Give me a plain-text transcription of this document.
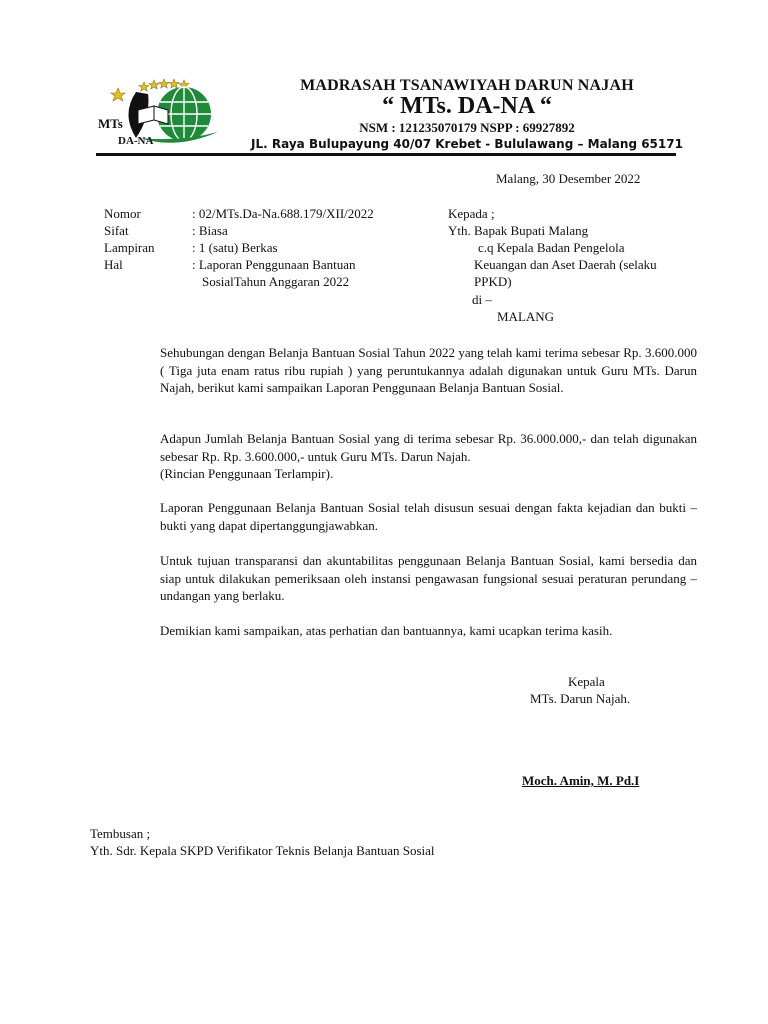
MTs
DA-NA
MADRASAH TSANAWIYAH DARUN NAJAH
“ MTs. DA-NA “
NSM : 121235070179 NSPP : 69927892
JL. Raya Bulupayung 40/07 Krebet - Bululawang – Malang 65171
Malang, 30 Desember 2022
Nomor	: 02/MTs.Da-Na.688.179/XII/2022
Sifat	: Biasa
Lampiran	: 1 (satu) Berkas
Hal	: Laporan Penggunaan Bantuan
SosialTahun Anggaran 2022
Kepada ;
Yth. Bapak Bupati Malang
c.q Kepala Badan Pengelola
Keuangan dan Aset Daerah (selaku
PPKD)
di –
MALANG
Sehubungan dengan Belanja Bantuan Sosial Tahun 2022 yang telah kami terima sebesar Rp. 3.600.000 ( Tiga juta enam ratus ribu rupiah ) yang peruntukannya adalah digunakan untuk Guru MTs. Darun Najah, berikut kami sampaikan Laporan Penggunaan Belanja Bantuan Sosial.
Adapun Jumlah Belanja Bantuan Sosial yang di terima sebesar Rp. 36.000.000,- dan telah digunakan sebesar Rp. Rp. 3.600.000,- untuk Guru MTs. Darun Najah.
(Rincian Penggunaan Terlampir).
Laporan Penggunaan Belanja Bantuan Sosial telah disusun sesuai dengan fakta kejadian dan bukti – bukti yang dapat dipertanggungjawabkan.
Untuk tujuan transparansi dan akuntabilitas penggunaan Belanja Bantuan Sosial, kami bersedia dan siap untuk dilakukan pemeriksaan oleh instansi pengawasan fungsional sesuai peraturan perundang – undangan yang berlaku.
Demikian kami sampaikan, atas perhatian dan bantuannya, kami ucapkan terima kasih.
Kepala
MTs. Darun Najah.
Moch. Amin, M. Pd.I
Tembusan ;
Yth. Sdr. Kepala SKPD Verifikator Teknis Belanja Bantuan Sosial
